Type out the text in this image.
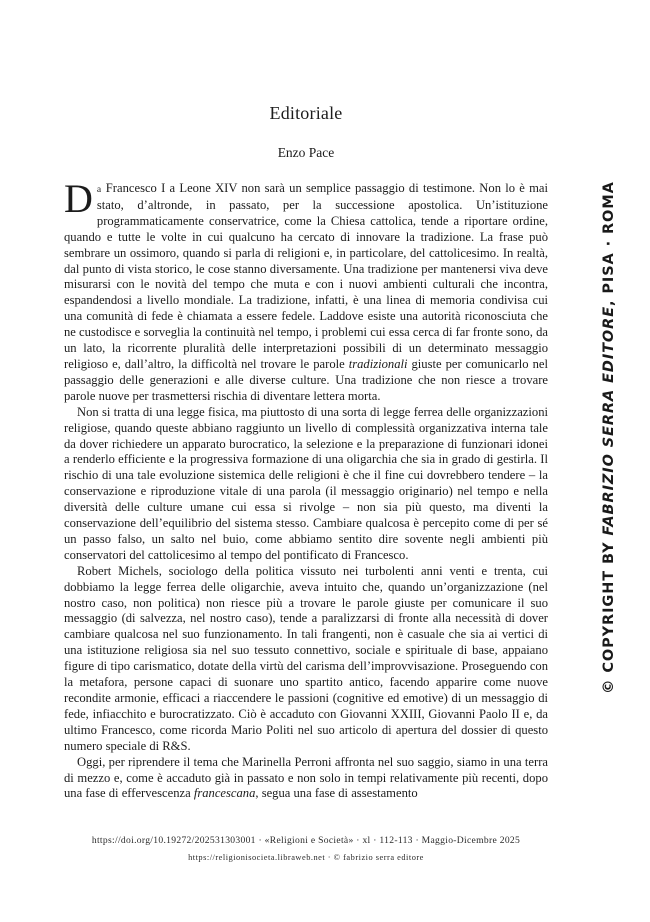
Editoriale
Enzo Pace

Da Francesco I a Leone XIV non sarà un semplice passaggio di testimone. Non lo è mai stato, d’altronde, in passato, per la successione apostolica. Un’istituzione programmaticamente conservatrice, come la Chiesa cattolica, tende a riportare ordine, quando e tutte le volte in cui qualcuno ha cercato di innovare la tradizione. La frase può sembrare un ossimoro, quando si parla di religioni e, in particolare, del cattolicesimo. In realtà, dal punto di vista storico, le cose stanno diversamente. Una tradizione per mantenersi viva deve misurarsi con le novità del tempo che muta e con i nuovi ambienti culturali che incontra, espandendosi a livello mondiale. La tradizione, infatti, è una linea di memoria condivisa cui una comunità di fede è chiamata a essere fedele. Laddove esiste una autorità riconosciuta che ne custodisce e sorveglia la continuità nel tempo, i problemi cui essa cerca di far fronte sono, da un lato, la ricorrente pluralità delle interpretazioni possibili di un determinato messaggio religioso e, dall’altro, la difficoltà nel trovare le parole tradizionali giuste per comunicarlo nel passaggio delle generazioni e alle diverse culture. Una tradizione che non riesce a trovare parole nuove per trasmettersi rischia di diventare lettera morta.

Non si tratta di una legge fisica, ma piuttosto di una sorta di legge ferrea delle organizzazioni religiose, quando queste abbiano raggiunto un livello di complessità organizzativa interna tale da dover richiedere un apparato burocratico, la selezione e la preparazione di funzionari idonei a renderlo efficiente e la progressiva formazione di una oligarchia che sia in grado di gestirla. Il rischio di una tale evoluzione sistemica delle religioni è che il fine cui dovrebbero tendere – la conservazione e riproduzione vitale di una parola (il messaggio originario) nel tempo e nella diversità delle culture umane cui essa si rivolge – non sia più questo, ma diventi la conservazione dell’equilibrio del sistema stesso. Cambiare qualcosa è percepito come di per sé un passo falso, un salto nel buio, come abbiamo sentito dire sovente negli ambienti più conservatori del cattolicesimo al tempo del pontificato di Francesco.

Robert Michels, sociologo della politica vissuto nei turbolenti anni venti e trenta, cui dobbiamo la legge ferrea delle oligarchie, aveva intuito che, quando un’organizzazione (nel nostro caso, non politica) non riesce più a trovare le parole giuste per comunicare il suo messaggio (di salvezza, nel nostro caso), tende a paralizzarsi di fronte alla necessità di dover cambiare qualcosa nel suo funzionamento. In tali frangenti, non è casuale che sia ai vertici di una istituzione religiosa sia nel suo tessuto connettivo, sociale e spirituale di base, appaiano figure di tipo carismatico, dotate della virtù del carisma dell’improvvisazione. Proseguendo con la metafora, persone capaci di suonare uno spartito antico, facendo apparire come nuove recondite armonie, efficaci a riaccendere le passioni (cognitive ed emotive) di un messaggio di fede, infiacchito e burocratizzato. Ciò è accaduto con Giovanni XXIII, Giovanni Paolo II e, da ultimo Francesco, come ricorda Mario Politi nel suo articolo di apertura del dossier di questo numero speciale di R&S.

Oggi, per riprendere il tema che Marinella Perroni affronta nel suo saggio, siamo in una terra di mezzo e, come è accaduto già in passato e non solo in tempi relativamente più recenti, dopo una fase di effervescenza francescana, segua una fase di assestamento

© COPYRIGHT BY FABRIZIO SERRA EDITORE, PISA · ROMA
https://doi.org/10.19272/202531303001 · «Religioni e Società» · xl · 112-113 · Maggio-Dicembre 2025
https://religionisocieta.libraweb.net · © fabrizio serra editore
